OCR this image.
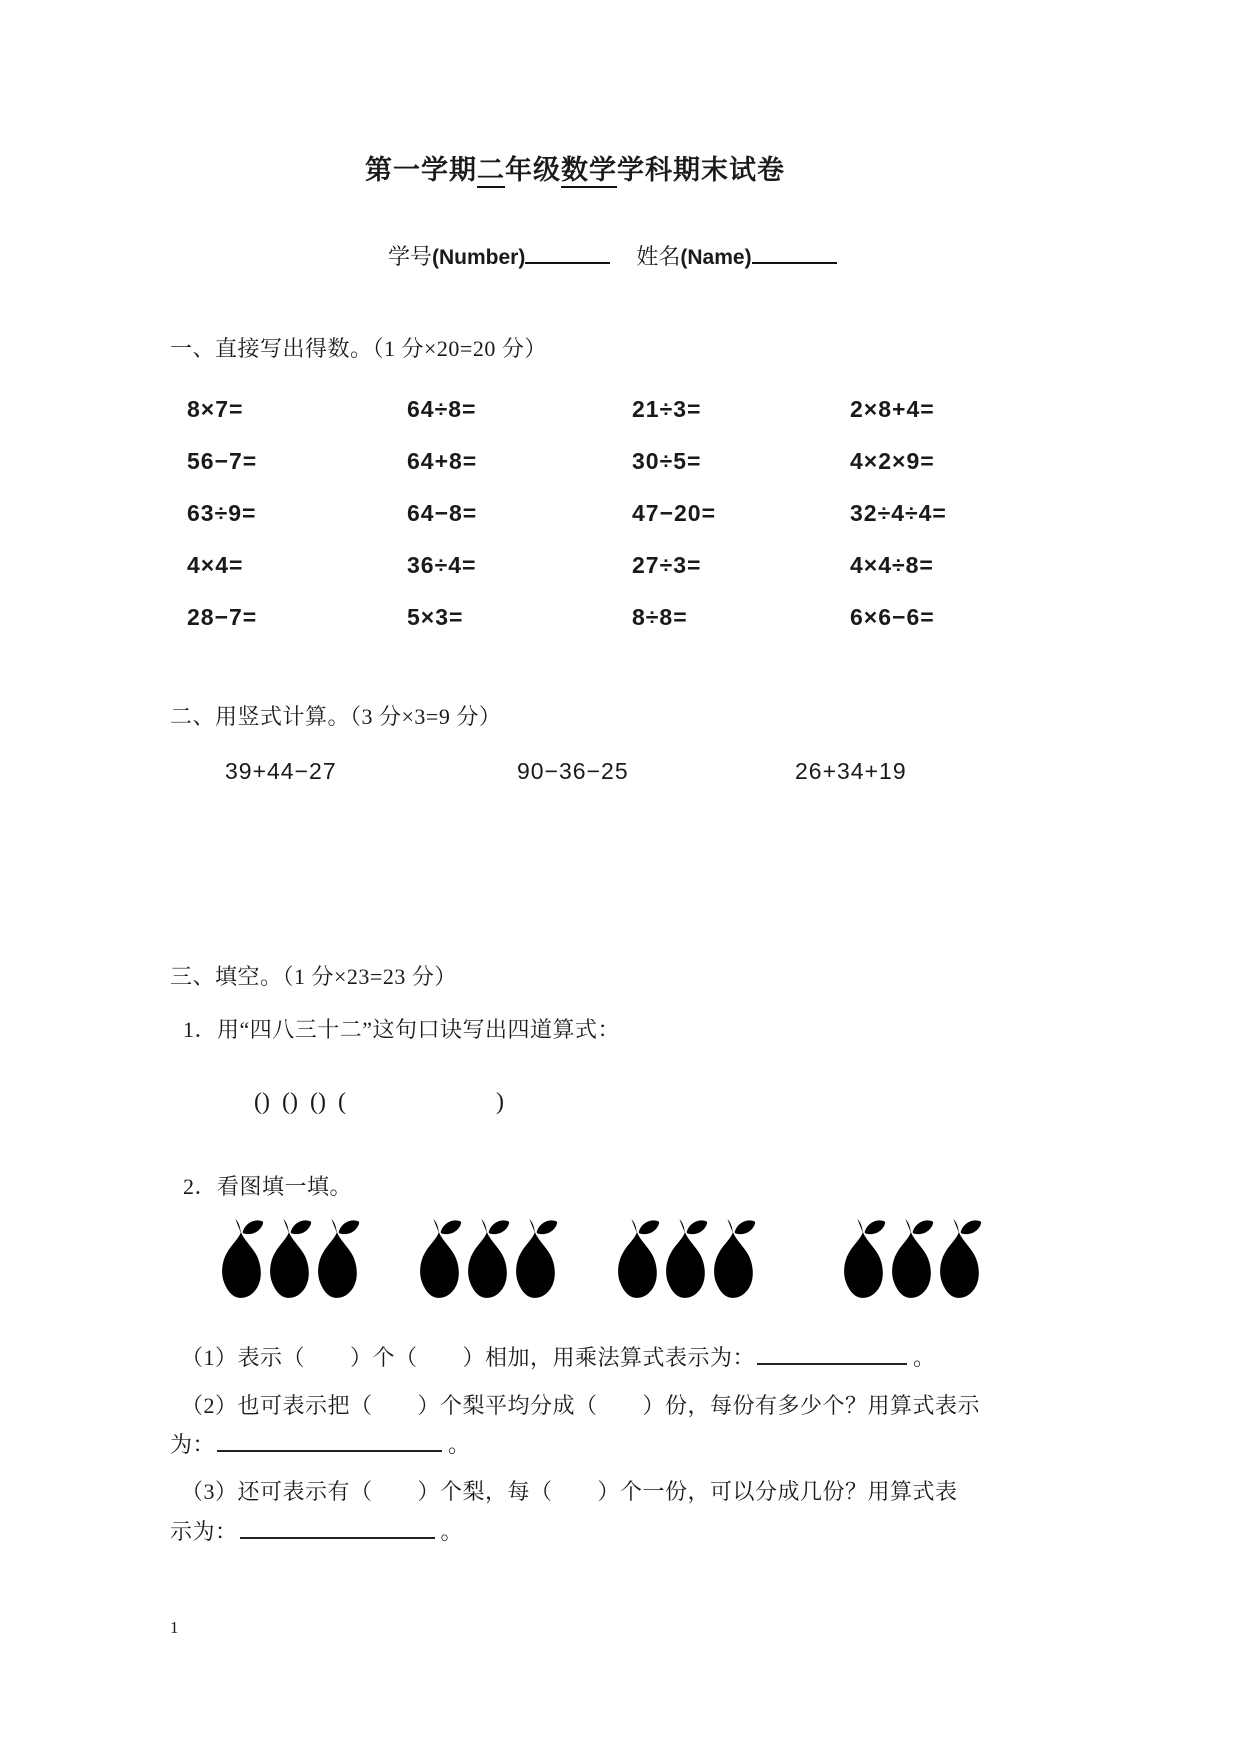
第一学期二年级数学学科期末试卷
学号(Number)	姓名(Name)
一、直接写出得数。（1 分×20=20 分）
8×7=	64÷8=	21÷3=	2×8+4=
56−7=	64+8=	30÷5=	4×2×9=
63÷9=	64−8=	47−20=	32÷4÷4=
4×4=	36÷4=	27÷3=	4×4÷8=
28−7=	5×3=	8÷8=	6×6−6=
二、用竖式计算。（3 分×3=9 分）
39+44−27	90−36−25	26+34+19
三、填空。（1 分×23=23 分）
1．用“四八三十二”这句口诀写出四道算式：

()  ()  ()  (	)

2．看图填一填。
（1）表示（　　）个（　　）相加，用乘法算式表示为：	。
（2）也可表示把（　　）个梨平均分成（　　）份，每份有多少个？用算式表示
为：	。
（3）还可表示有（　　）个梨，每（　　）个一份，可以分成几份？用算式表
示为：	。
1
